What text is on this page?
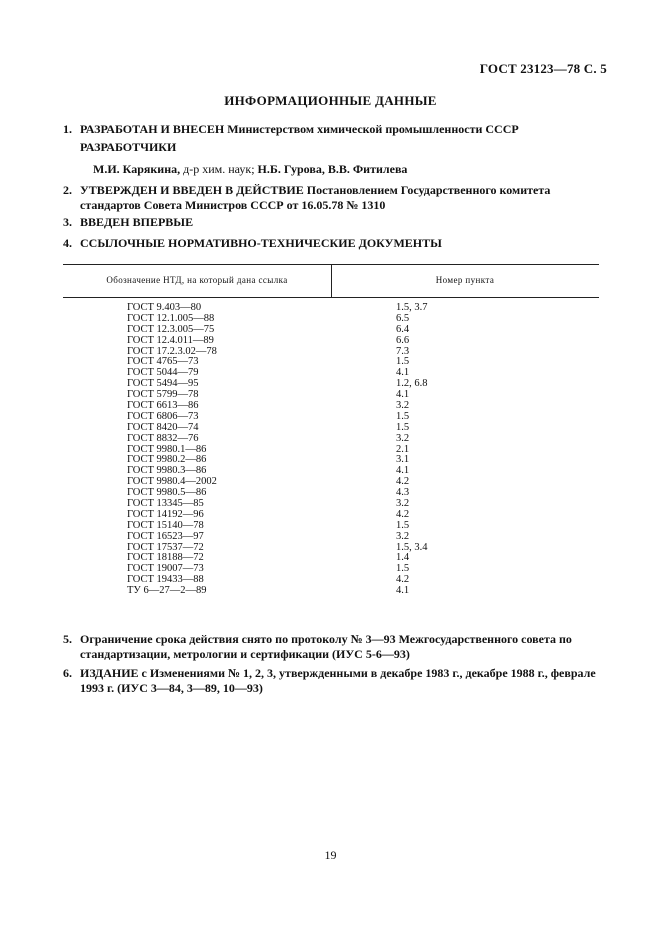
ГОСТ 23123—78 С. 5
ИНФОРМАЦИОННЫЕ ДАННЫЕ
1. РАЗРАБОТАН И ВНЕСЕН Министерством химической промышленности СССР
РАЗРАБОТЧИКИ
М.И. Карякина, д-р хим. наук; Н.Б. Гурова, В.В. Фитилева
2. УТВЕРЖДЕН И ВВЕДЕН В ДЕЙСТВИЕ Постановлением Государственного комитета стандартов Совета Министров СССР от 16.05.78 № 1310
3. ВВЕДЕН ВПЕРВЫЕ
4. ССЫЛОЧНЫЕ НОРМАТИВНО-ТЕХНИЧЕСКИЕ ДОКУМЕНТЫ
Обозначение НТД, на который дана ссылка	Номер пункта
ГОСТ 9.403—80	1.5, 3.7
ГОСТ 12.1.005—88	6.5
ГОСТ 12.3.005—75	6.4
ГОСТ 12.4.011—89	6.6
ГОСТ 17.2.3.02—78	7.3
ГОСТ 4765—73	1.5
ГОСТ 5044—79	4.1
ГОСТ 5494—95	1.2, 6.8
ГОСТ 5799—78	4.1
ГОСТ 6613—86	3.2
ГОСТ 6806—73	1.5
ГОСТ 8420—74	1.5
ГОСТ 8832—76	3.2
ГОСТ 9980.1—86	2.1
ГОСТ 9980.2—86	3.1
ГОСТ 9980.3—86	4.1
ГОСТ 9980.4—2002	4.2
ГОСТ 9980.5—86	4.3
ГОСТ 13345—85	3.2
ГОСТ 14192—96	4.2
ГОСТ 15140—78	1.5
ГОСТ 16523—97	3.2
ГОСТ 17537—72	1.5, 3.4
ГОСТ 18188—72	1.4
ГОСТ 19007—73	1.5
ГОСТ 19433—88	4.2
ТУ 6—27—2—89	4.1
5. Ограничение срока действия снято по протоколу № 3—93 Межгосударственного совета по стандартизации, метрологии и сертификации (ИУС 5-6—93)
6. ИЗДАНИЕ с Изменениями № 1, 2, 3, утвержденными в декабре 1983 г., декабре 1988 г., феврале 1993 г. (ИУС 3—84, 3—89, 10—93)
19
